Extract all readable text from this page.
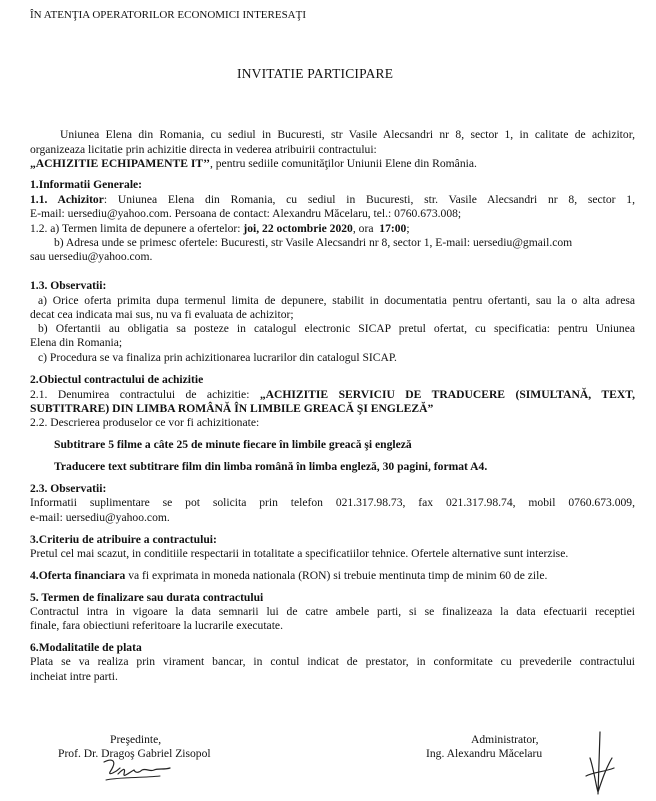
ÎN ATENŢIA OPERATORILOR ECONOMICI INTERESAŢI
INVITATIE PARTICIPARE
Uniunea Elena din Romania, cu sediul in Bucuresti, str Vasile Alecsandri nr 8, sector 1, in calitate de achizitor,
organizeaza licitatie prin achizitie directa in vederea atribuirii contractului:
„ACHIZITIE ECHIPAMENTE IT’’, pentru sediile comunităţilor Uniunii Elene din România.
1.Informatii Generale:
1.1. Achizitor: Uniunea Elena din Romania, cu sediul in Bucuresti, str. Vasile Alecsandri nr 8, sector 1,
E-mail: uersediu@yahoo.com. Persoana de contact: Alexandru Măcelaru, tel.: 0760.673.008;
1.2. a) Termen limita de depunere a ofertelor: joi, 22 octombrie 2020, ora  17:00;
b) Adresa unde se primesc ofertele: Bucuresti, str Vasile Alecsandri nr 8, sector 1, E-mail: uersediu@gmail.com
sau uersediu@yahoo.com.
1.3. Observatii:
a) Orice oferta primita dupa termenul limita de depunere, stabilit in documentatia pentru ofertanti, sau la o alta adresa
decat cea indicata mai sus, nu va fi evaluata de achizitor;
b) Ofertantii au obligatia sa posteze in catalogul electronic SICAP pretul ofertat, cu specificatia: pentru Uniunea
Elena din Romania;
c) Procedura se va finaliza prin achizitionarea lucrarilor din catalogul SICAP.
2.Obiectul contractului de achizitie
2.1. Denumirea contractului de achizitie: „ACHIZITIE SERVICIU DE TRADUCERE (SIMULTANĂ, TEXT,
SUBTITRARE) DIN LIMBA ROMÂNĂ ÎN LIMBILE GREACĂ ŞI ENGLEZĂ”
2.2. Descrierea produselor ce vor fi achizitionate:
Subtitrare 5 filme a câte 25 de minute fiecare în limbile greacă şi engleză
Traducere text subtitrare film din limba română în limba engleză, 30 pagini, format A4.
2.3. Observatii:
Informatii suplimentare se pot solicita prin telefon 021.317.98.73, fax 021.317.98.74, mobil 0760.673.009,
e-mail: uersediu@yahoo.com.
3.Criteriu de atribuire a contractului:
Pretul cel mai scazut, in conditiile respectarii in totalitate a specificatiilor tehnice. Ofertele alternative sunt interzise.
4.Oferta financiara va fi exprimata in moneda nationala (RON) si trebuie mentinuta timp de minim 60 de zile.
5. Termen de finalizare sau durata contractului
Contractul intra in vigoare la data semnarii lui de catre ambele parti, si se finalizeaza la data efectuarii receptiei
finale, fara obiectiuni referitoare la lucrarile executate.
6.Modalitatile de plata
Plata se va realiza prin virament bancar, in contul indicat de prestator, in conformitate cu prevederile contractului
incheiat intre parti.
Preşedinte,
Prof. Dr. Dragoş Gabriel Zisopol
Administrator,
Ing. Alexandru Măcelaru
